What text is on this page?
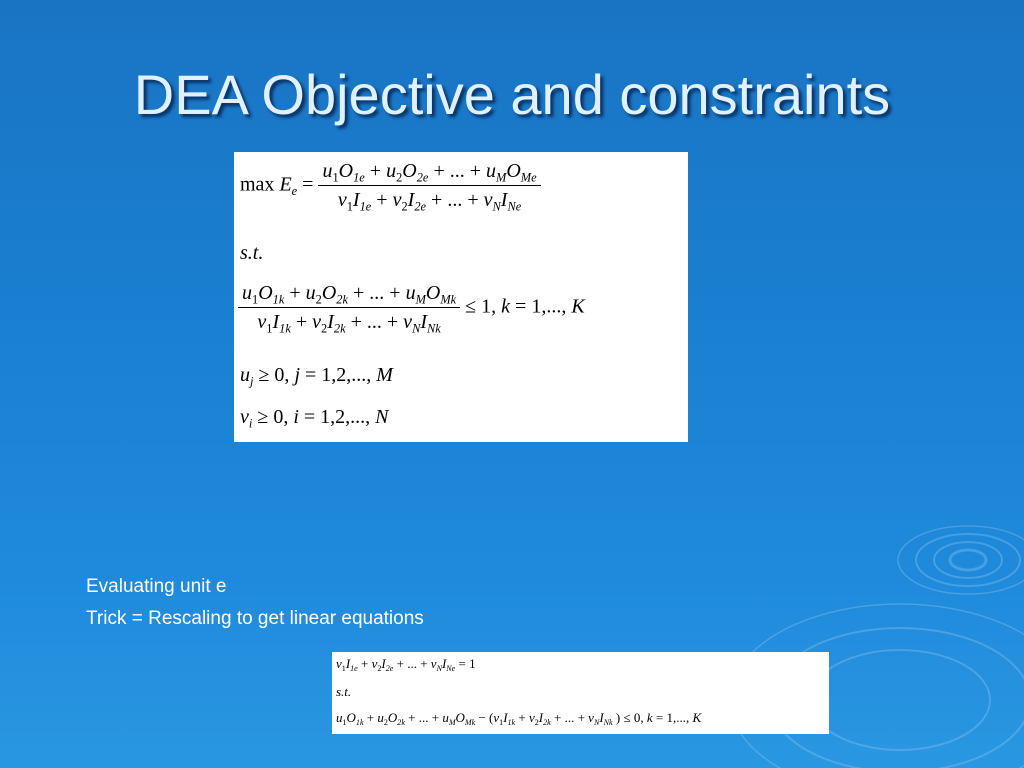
DEA Objective and constraints
$\max E_e = \frac{u_1O_{1e} + u_2O_{2e} + ... + u_MO_{Me}}{v_1I_{1e} + v_2I_{2e} + ... + v_NI_{Ne}}$
s.t.
$\frac{u_1O_{1k} + u_2O_{2k} + ... + u_MO_{Mk}}{v_1I_{1k} + v_2I_{2k} + ... + v_NI_{Nk}} \le 1$, k = 1,..., K
$u_j \ge 0$, j = 1,2,..., M
$v_i \ge 0$, i = 1,2,..., N
Evaluating unit e
Trick = Rescaling to get linear equations
$v_1I_{1e} + v_2I_{2e}$ + ... + $v_NI_{Ne} = 1$
s.t.
$u_1O_{1k} + u_2O_{2k}$ + ... + $u_MO_{Mk} - (v_1I_{1k} + v_2I_{2k}$ + ... + $v_NI_{Nk}$ ) ≤ 0, k = 1,..., K
